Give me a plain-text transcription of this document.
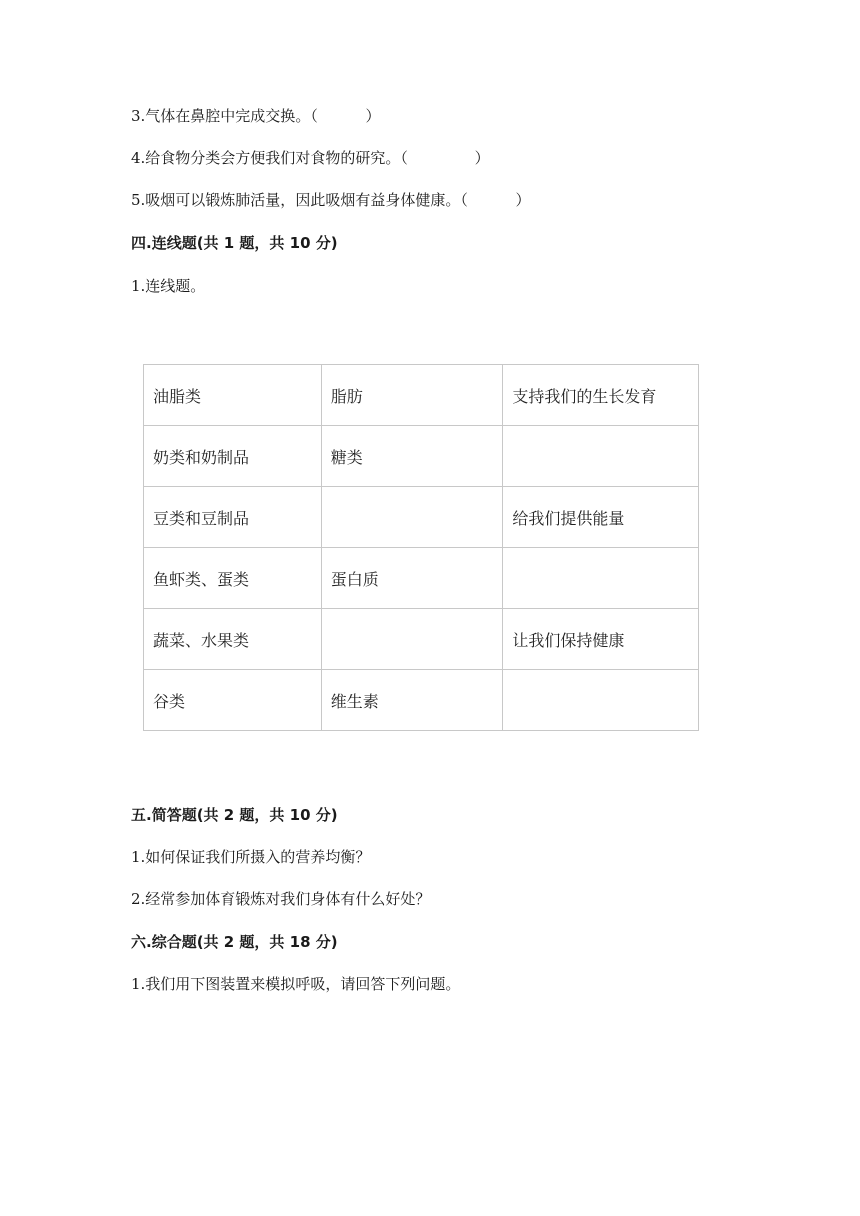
3.气体在鼻腔中完成交换。（          ）
4.给食物分类会方便我们对食物的研究。（              ）
5.吸烟可以锻炼肺活量，因此吸烟有益身体健康。（          ）
四.连线题(共 1 题，共 10 分)
1.连线题。
油脂类	脂肪	支持我们的生长发育
奶类和奶制品	糖类	
豆类和豆制品		给我们提供能量
鱼虾类、蛋类	蛋白质	
蔬菜、水果类		让我们保持健康
谷类	维生素	
五.简答题(共 2 题，共 10 分)
1.如何保证我们所摄入的营养均衡？
2.经常参加体育锻炼对我们身体有什么好处？
六.综合题(共 2 题，共 18 分)
1.我们用下图装置来模拟呼吸，请回答下列问题。
